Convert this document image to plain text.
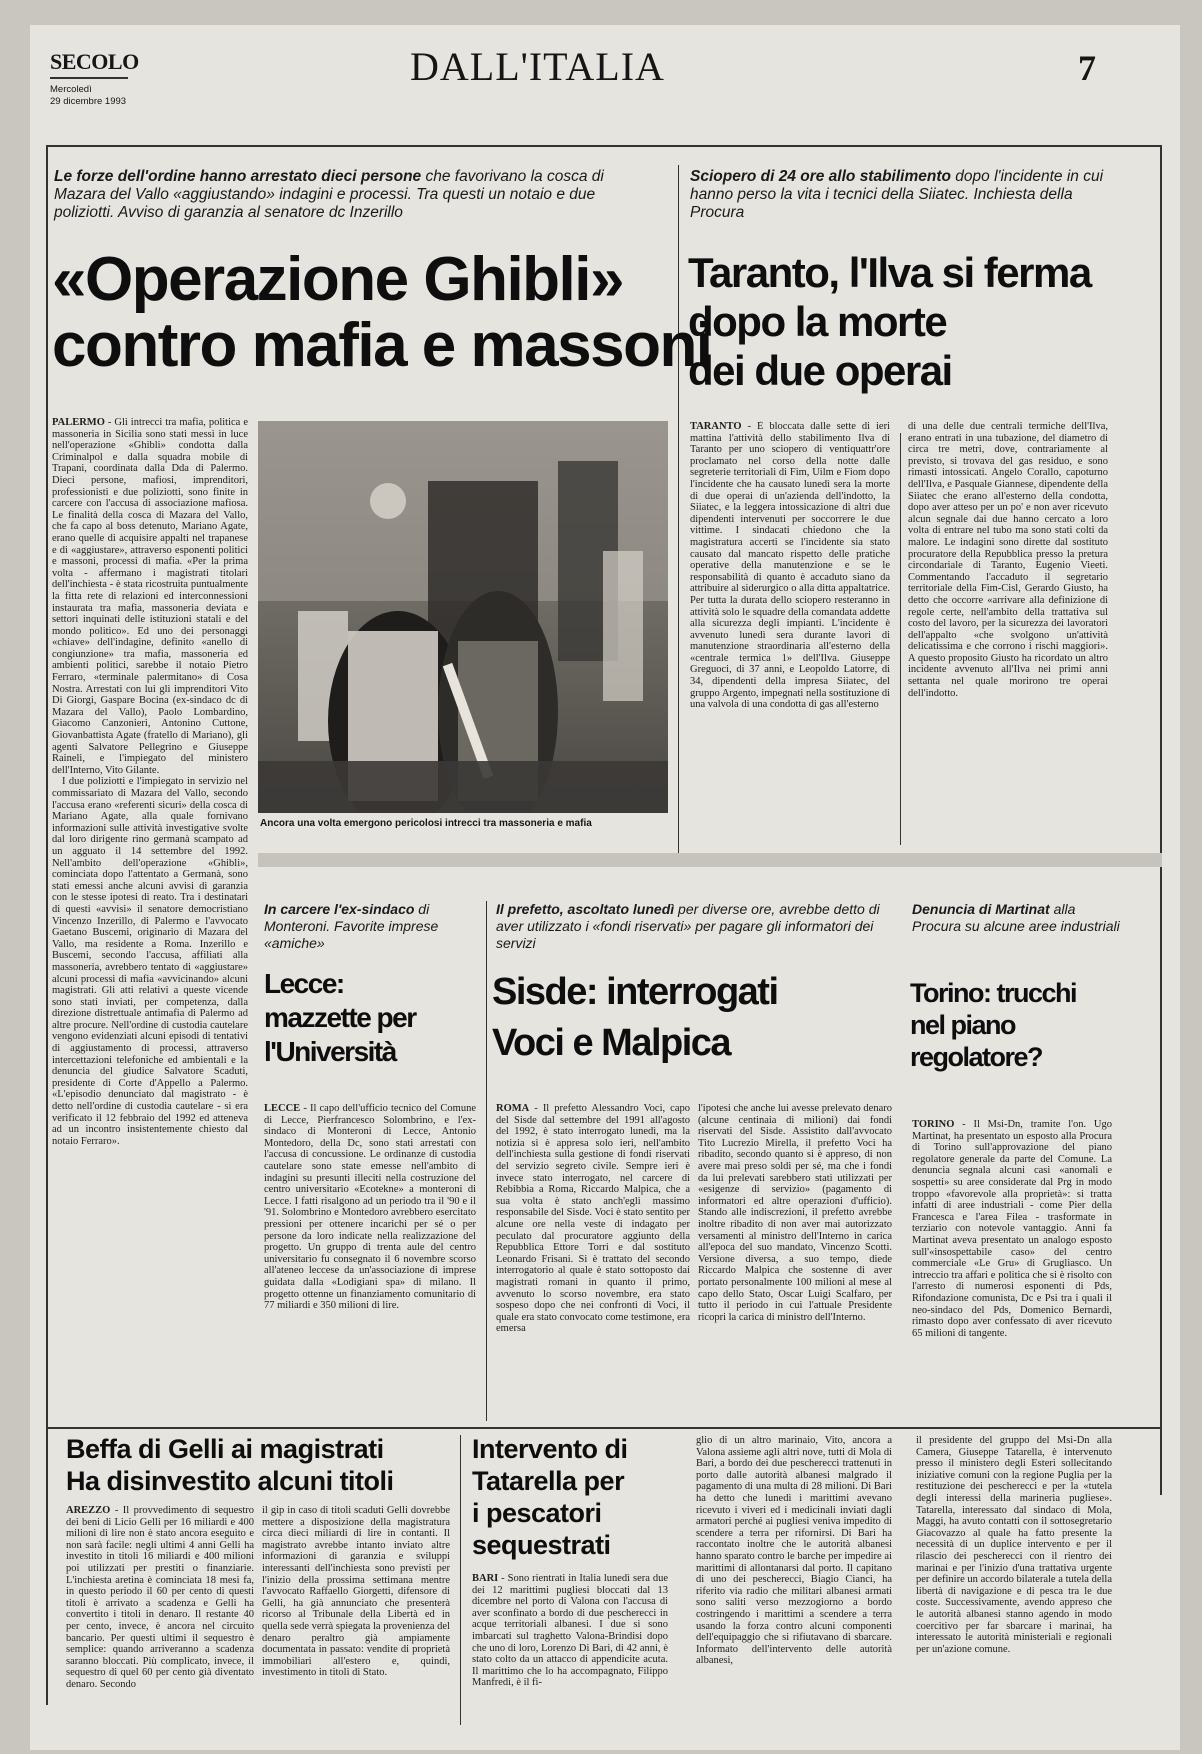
SECOLO
Mercoledì
29 dicembre 1993
DALL'ITALIA	7
Le forze dell'ordine hanno arrestato dieci persone che favorivano la cosca di Mazara del Vallo «aggiustando» indagini e processi. Tra questi un notaio e due poliziotti. Avviso di garanzia al senatore dc Inzerillo
«Operazione Ghibli»
contro mafia e massoni

PALERMO - Gli intrecci tra mafia, politica e massoneria in Sicilia sono stati messi in luce nell'operazione «Ghibli» condotta dalla Criminalpol e dalla squadra mobile di Trapani, coordinata dalla Dda di Palermo. Dieci persone, mafiosi, imprenditori, professionisti e due poliziotti, sono finite in carcere con l'accusa di associazione mafiosa. Le finalità della cosca di Mazara del Vallo, che fa capo al boss detenuto, Mariano Agate, erano quelle di acquisire appalti nel trapanese e di «aggiustare», attraverso esponenti politici e massoni, processi di mafia. «Per la prima volta - affermano i magistrati titolari dell'inchiesta - è stata ricostruita puntualmente la fitta rete di relazioni ed interconnessioni instaurata tra mafia, massoneria deviata e settori inquinati delle istituzioni statali e del mondo politico». Ed uno dei personaggi «chiave» dell'indagine, definito «anello di congiunzione» tra mafia, massoneria ed ambienti politici, sarebbe il notaio Pietro Ferraro, «terminale palermitano» di Cosa Nostra. Arrestati con lui gli imprenditori Vito Di Giorgi, Gaspare Bocina (ex-sindaco dc di Mazara del Vallo), Paolo Lombardino, Giacomo Canzonieri, Antonino Cuttone, Giovanbattista Agate (fratello di Mariano), gli agenti Salvatore Pellegrino e Giuseppe Raineli, e l'impiegato del ministero dell'Interno, Vito Gilante.

I due poliziotti e l'impiegato in servizio nel commissariato di Mazara del Vallo, secondo l'accusa erano «referenti sicuri» della cosca di Mariano Agate, alla quale fornivano informazioni sulle attività investigative svolte dal loro dirigente rino germanà scampato ad un agguato il 14 settembre del 1992. Nell'ambito dell'operazione «Ghibli», cominciata dopo l'attentato a Germanà, sono stati emessi anche alcuni avvisi di garanzia con le stesse ipotesi di reato. Tra i destinatari di questi «avvisi» il senatore democristiano Vincenzo Inzerillo, di Palermo e l'avvocato Gaetano Buscemi, originario di Mazara del Vallo, ma residente a Roma. Inzerillo e Buscemi, secondo l'accusa, affiliati alla massoneria, avrebbero tentato di «aggiustare» alcuni processi di mafia «avvicinando» alcuni magistrati. Gli atti relativi a queste vicende sono stati inviati, per competenza, dalla direzione distrettuale antimafia di Palermo ad altre procure. Nell'ordine di custodia cautelare vengono evidenziati alcuni episodi di tentativi di aggiustamento di processi, attraverso intercettazioni telefoniche ed ambientali e la denuncia del giudice Salvatore Scaduti, presidente di Corte d'Appello a Palermo. «L'episodio denunciato dal magistrato - è detto nell'ordine di custodia cautelare - si era verificato il 12 febbraio del 1992 ed atteneva ad un incontro insistentemente chiesto dal notaio Ferraro».

Ancora una volta emergono pericolosi intrecci tra massoneria e mafia
Sciopero di 24 ore allo stabilimento dopo l'incidente in cui hanno perso la vita i tecnici della Siiatec. Inchiesta della Procura
Taranto, l'Ilva si ferma
dopo la morte
dei due operai
TARANTO - È bloccata dalle sette di ieri mattina l'attività dello stabilimento Ilva di Taranto per uno sciopero di ventiquattr'ore proclamato nel corso della notte dalle segreterie territoriali di Fim, Uilm e Fiom dopo l'incidente che ha causato lunedì sera la morte di due operai di un'azienda dell'indotto, la Siiatec, e la leggera intossicazione di altri due dipendenti intervenuti per soccorrere le due vittime. I sindacati chiedono che la magistratura accerti se l'incidente sia stato causato dal mancato rispetto delle pratiche operative della manutenzione e se le responsabilità di quanto è accaduto siano da attribuire al siderurgico o alla ditta appaltatrice. Per tutta la durata dello sciopero resteranno in attività solo le squadre della comandata addette alla sicurezza degli impianti. L'incidente è avvenuto lunedì sera durante lavori di manutenzione straordinaria all'esterno della «centrale termica 1» dell'Ilva. Giuseppe Greguoci, di 37 anni, e Leopoldo Latorre, di 34, dipendenti della impresa Siiatec, del gruppo Argento, impegnati nella sostituzione di una valvola di una condotta di gas all'esterno
di una delle due centrali termiche dell'Ilva, erano entrati in una tubazione, del diametro di circa tre metri, dove, contrariamente al previsto, si trovava del gas residuo, e sono rimasti intossicati. Angelo Corallo, capoturno dell'Ilva, e Pasquale Giannese, dipendente della Siiatec che erano all'esterno della condotta, dopo aver atteso per un po' e non aver ricevuto alcun segnale dai due hanno cercato a loro volta di entrare nel tubo ma sono stati colti da malore. Le indagini sono dirette dal sostituto procuratore della Repubblica presso la pretura circondariale di Taranto, Eugenio Vieeti. Commentando l'accaduto il segretario territoriale della Fim-Cisl, Gerardo Giusto, ha detto che occorre «arrivare alla definizione di regole certe, nell'ambito della trattativa sul costo del lavoro, per la sicurezza dei lavoratori dell'appalto «che svolgono un'attività delicatissima e che corrono i rischi maggiori». A questo proposito Giusto ha ricordato un altro incidente avvenuto all'Ilva nei primi anni settanta nel quale morirono tre operai dell'indotto.
In carcere l'ex-sindaco di Monteroni. Favorite imprese «amiche»
Lecce:
mazzette per
l'Università
LECCE - Il capo dell'ufficio tecnico del Comune di Lecce, Pierfrancesco Solombrino, e l'ex-sindaco di Monteroni di Lecce, Antonio Montedoro, della Dc, sono stati arrestati con l'accusa di concussione. Le ordinanze di custodia cautelare sono state emesse nell'ambito di indagini su presunti illeciti nella costruzione del centro universitario «Ecotekne» a monteroni di Lecce. I fatti risalgono ad un periodo tra il '90 e il '91. Solombrino e Montedoro avrebbero esercitato pressioni per ottenere incarichi per sé o per persone da loro indicate nella realizzazione del progetto. Un gruppo di trenta aule del centro universitario fu consegnato il 6 novembre scorso all'ateneo leccese da un'associazione di imprese guidata dalla «Lodigiani spa» di milano. Il progetto ottenne un finanziamento comunitario di 77 miliardi e 350 milioni di lire.
Il prefetto, ascoltato lunedì per diverse ore, avrebbe detto di aver utilizzato i «fondi riservati» per pagare gli informatori dei servizi
Sisde: interrogati
Voci e Malpica
ROMA - Il prefetto Alessandro Voci, capo del Sisde dal settembre del 1991 all'agosto del 1992, è stato interrogato lunedì, ma la notizia si è appresa solo ieri, nell'ambito dell'inchiesta sulla gestione di fondi riservati del servizio segreto civile. Sempre ieri è invece stato interrogato, nel carcere di Rebibbia a Roma, Riccardo Malpica, che a sua volta è stato anch'egli massimo responsabile del Sisde. Voci è stato sentito per alcune ore nella veste di indagato per peculato dal procuratore aggiunto della Repubblica Ettore Torri e dal sostituto Leonardo Frisani. Si è trattato del secondo interrogatorio al quale è stato sottoposto dai magistrati romani in quanto il primo, avvenuto lo scorso novembre, era stato sospeso dopo che nei confronti di Voci, il quale era stato convocato come testimone, era emersa
l'ipotesi che anche lui avesse prelevato denaro (alcune centinaia di milioni) dai fondi riservati del Sisde. Assistito dall'avvocato Tito Lucrezio Mirella, il prefetto Voci ha ribadito, secondo quanto si è appreso, di non avere mai preso soldi per sé, ma che i fondi da lui prelevati sarebbero stati utilizzati per «esigenze di servizio» (pagamento di informatori ed altre operazioni d'ufficio). Stando alle indiscrezioni, il prefetto avrebbe inoltre ribadito di non aver mai autorizzato versamenti al ministro dell'Interno in carica all'epoca del suo mandato, Vincenzo Scotti. Versione diversa, a suo tempo, diede Riccardo Malpica che sostenne di aver portato personalmente 100 milioni al mese al capo dello Stato, Oscar Luigi Scalfaro, per tutto il periodo in cui l'attuale Presidente ricopri la carica di ministro dell'Interno.
Denuncia di Martinat alla Procura su alcune aree industriali
Torino: trucchi
nel piano
regolatore?
TORINO - Il Msi-Dn, tramite l'on. Ugo Martinat, ha presentato un esposto alla Procura di Torino sull'approvazione del piano regolatore generale da parte del Comune. La denuncia segnala alcuni casi «anomali e sospetti» su aree considerate dal Prg in modo troppo «favorevole alla proprietà»: si tratta infatti di aree industriali - come Pier della Francesca e l'area Filea - trasformate in terziario con notevole vantaggio. Anni fa Martinat aveva presentato un analogo esposto sull'«insospettabile caso» del centro commerciale «Le Gru» di Grugliasco. Un intreccio tra affari e politica che si è risolto con l'arresto di numerosi esponenti di Pds, Rifondazione comunista, Dc e Psi tra i quali il neo-sindaco del Pds, Domenico Bernardi, rimasto dopo aver confessato di aver ricevuto 65 milioni di tangente.
Beffa di Gelli ai magistrati
Ha disinvestito alcuni titoli
AREZZO - Il provvedimento di sequestro dei beni di Licio Gelli per 16 miliardi e 400 milioni di lire non è stato ancora eseguito e non sarà facile: negli ultimi 4 anni Gelli ha investito in titoli 16 miliardi e 400 milioni poi utilizzati per prestiti o finanziarie. L'inchiesta aretina è cominciata 18 mesi fa, in questo periodo il 60 per cento di questi titoli è arrivato a scadenza e Gelli ha convertito i titoli in denaro. Il restante 40 per cento, invece, è ancora nel circuito bancario. Per questi ultimi il sequestro è semplice: quando arriveranno a scadenza saranno bloccati. Più complicato, invece, il sequestro di quel 60 per cento già diventato denaro. Secondo
il gip in caso di titoli scaduti Gelli dovrebbe mettere a disposizione della magistratura circa dieci miliardi di lire in contanti. Il magistrato avrebbe intanto inviato altre informazioni di garanzia e sviluppi interessanti dell'inchiesta sono previsti per l'inizio della prossima settimana mentre l'avvocato Raffaello Giorgetti, difensore di Gelli, ha già annunciato che presenterà ricorso al Tribunale della Libertà ed in quella sede verrà spiegata la provenienza del denaro peraltro già ampiamente documentata in passato: vendite di proprietà immobiliari all'estero e, quindi, investimento in titoli di Stato.
Intervento di
Tatarella per
i pescatori
sequestrati
BARI - Sono rientrati in Italia lunedì sera due dei 12 marittimi pugliesi bloccati dal 13 dicembre nel porto di Valona con l'accusa di aver sconfinato a bordo di due pescherecci in acque territoriali albanesi. I due si sono imbarcati sul traghetto Valona-Brindisi dopo che uno di loro, Lorenzo Di Bari, di 42 anni, è stato colto da un attacco di appendicite acuta. Il marittimo che lo ha accompagnato, Filippo Manfredi, è il fi-
glio di un altro marinaio, Vito, ancora a Valona assieme agli altri nove, tutti di Mola di Bari, a bordo dei due pescherecci trattenuti in porto dalle autorità albanesi malgrado il pagamento di una multa di 28 milioni. Di Bari ha detto che lunedì i marittimi avevano ricevuto i viveri ed i medicinali inviati dagli armatori perché ai pugliesi veniva impedito di scendere a terra per rifornirsi. Di Bari ha raccontato inoltre che le autorità albanesi hanno sparato contro le barche per impedire ai marittimi di allontanarsi dal porto. Il capitano di uno dei pescherecci, Biagio Cianci, ha riferito via radio che militari albanesi armati sono saliti verso mezzogiorno a bordo costringendo i marittimi a scendere a terra usando la forza contro alcuni componenti dell'equipaggio che si rifiutavano di sbarcare. Informato dell'intervento delle autorità albanesi,
il presidente del gruppo del Msi-Dn alla Camera, Giuseppe Tatarella, è intervenuto presso il ministero degli Esteri sollecitando iniziative comuni con la regione Puglia per la restituzione dei pescherecci e per la «tutela degli interessi della marineria pugliese». Tatarella, interessato dal sindaco di Mola, Maggi, ha avuto contatti con il sottosegretario Giacovazzo al quale ha fatto presente la necessità di un duplice intervento e per il rilascio dei pescherecci con il rientro dei marinai e per l'inizio d'una trattativa urgente per definire un accordo bilaterale a tutela della libertà di navigazione e di pesca tra le due coste. Successivamente, avendo appreso che le autorità albanesi stanno agendo in modo coercitivo per far sbarcare i marinai, ha interessato le autorità ministeriali e regionali per un'azione comune.
